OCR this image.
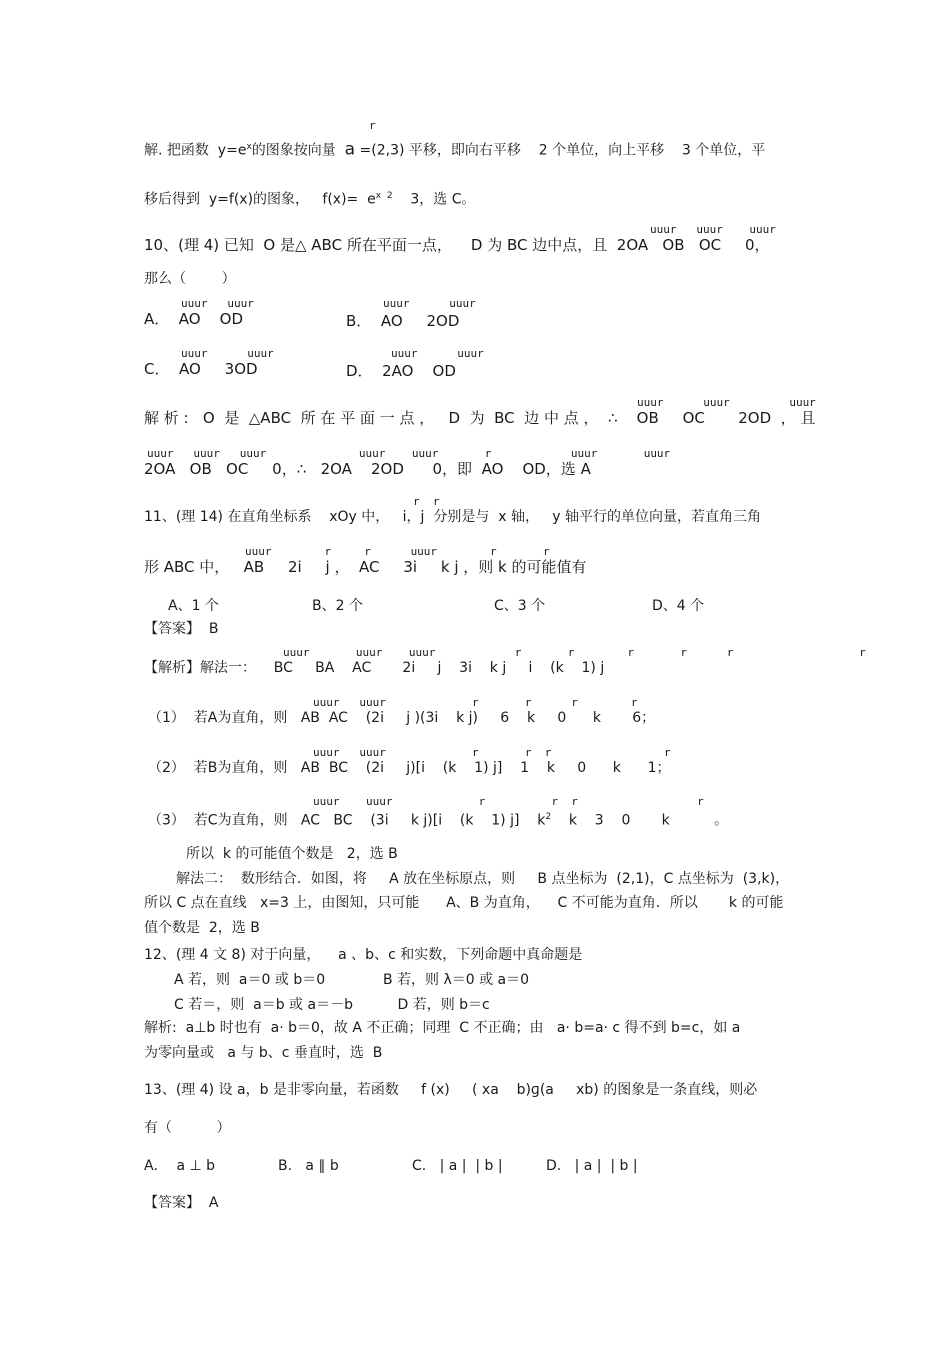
r
解. 把函数  $y=e^x$的图象按向量  a =(2,3) 平移，即向右平移    2 个单位，向上平移    3 个单位，平
移后得到  y=f(x)的图象，   $f(x)= e^{x 2}$    3，选 C。
uuur   uuur    uuur
10、(理 4) 已知  O 是△ ABC 所在平面一点，    D 为 BC 边中点，且  2OA   OB   OC     0，
那么（        ）
uuur   uuur	uuur      uuur
A．  AO    OD	B．  AO     2OD
uuur      uuur	uuur      uuur
C．  AO     3OD	D．  2AO    OD
uuur      uuur         uuur
解 析 :   O  是  △ABC  所 在 平 面 一 点 ，   D  为  BC  边 中 点 ，  ∴    OB     OC       2OD  ， 且
uuur   uuur   uuur              uuur    uuur       r            uuur       uuur
2OA   OB   OC     0，∴   2OA    2OD      0，即  AO    OD，选 A
r  r
11、(理 14) 在直角坐标系    xOy 中，   i，j  分别是与  x 轴，   y 轴平行的单位向量，若直角三角
uuur        r     r      uuur        r       r
形 ABC 中，   AB     2i     j ，  AC     3i     k j ，则 k 的可能值有
A、1 个	B、2 个	C、3 个	D、4 个
【答案】  B
uuur       uuur    uuur            r       r        r       r      r                   r
【解析】解法一：    BC     BA    AC       2i     j    3i    k j     i    (k    1) j
uuur   uuur             r       r      r        r
（1）  若A为直角，则   AB  AC    (2i     j )(3i    k j)     6    k     0      k       6；
uuur   uuur             r       r  r                 r
（2）  若B为直角，则   AB  BC    (2i     j)[i    (k    1) j]    1    k     0      k      1；
uuur    uuur             r          r  r                  r
（3）  若C为直角，则   AC   BC    (3i     k j)[i    (k    1) j]    $k^2$    k    3    0       k          。
所以  k 的可能值个数是   2，选 B
解法二：  数形结合．如图，将     A 放在坐标原点，则     B 点坐标为  (2,1)，C 点坐标为  (3,k)，
所以 C 点在直线   x=3 上，由图知，只可能      A、B 为直角，    C 不可能为直角．所以       k 的可能
值个数是  2，选 B
12、(理 4 文 8) 对于向量，    a 、b、c 和实数，下列命题中真命题是
A 若，则  a＝0 或 b＝0             B 若，则 λ＝0 或 a＝0
C 若＝，则  a＝b 或 a＝－b          D 若，则 b＝c
解析:  a⊥b 时也有  a· b＝0，故 A 不正确；同理  C 不正确；由   a· b=a· c 得不到 b=c，如 a
为零向量或   a 与 b、c 垂直时，选  B
13、(理 4) 设 a，b 是非零向量，若函数     f (x)     ( xa    b)ɡ(a     xb) 的图象是一条直线，则必
有（          ）
A．  a ⊥ b	B.   a ∥ b	C.   | a |  | b |	D.   | a |  | b |
【答案】  A
